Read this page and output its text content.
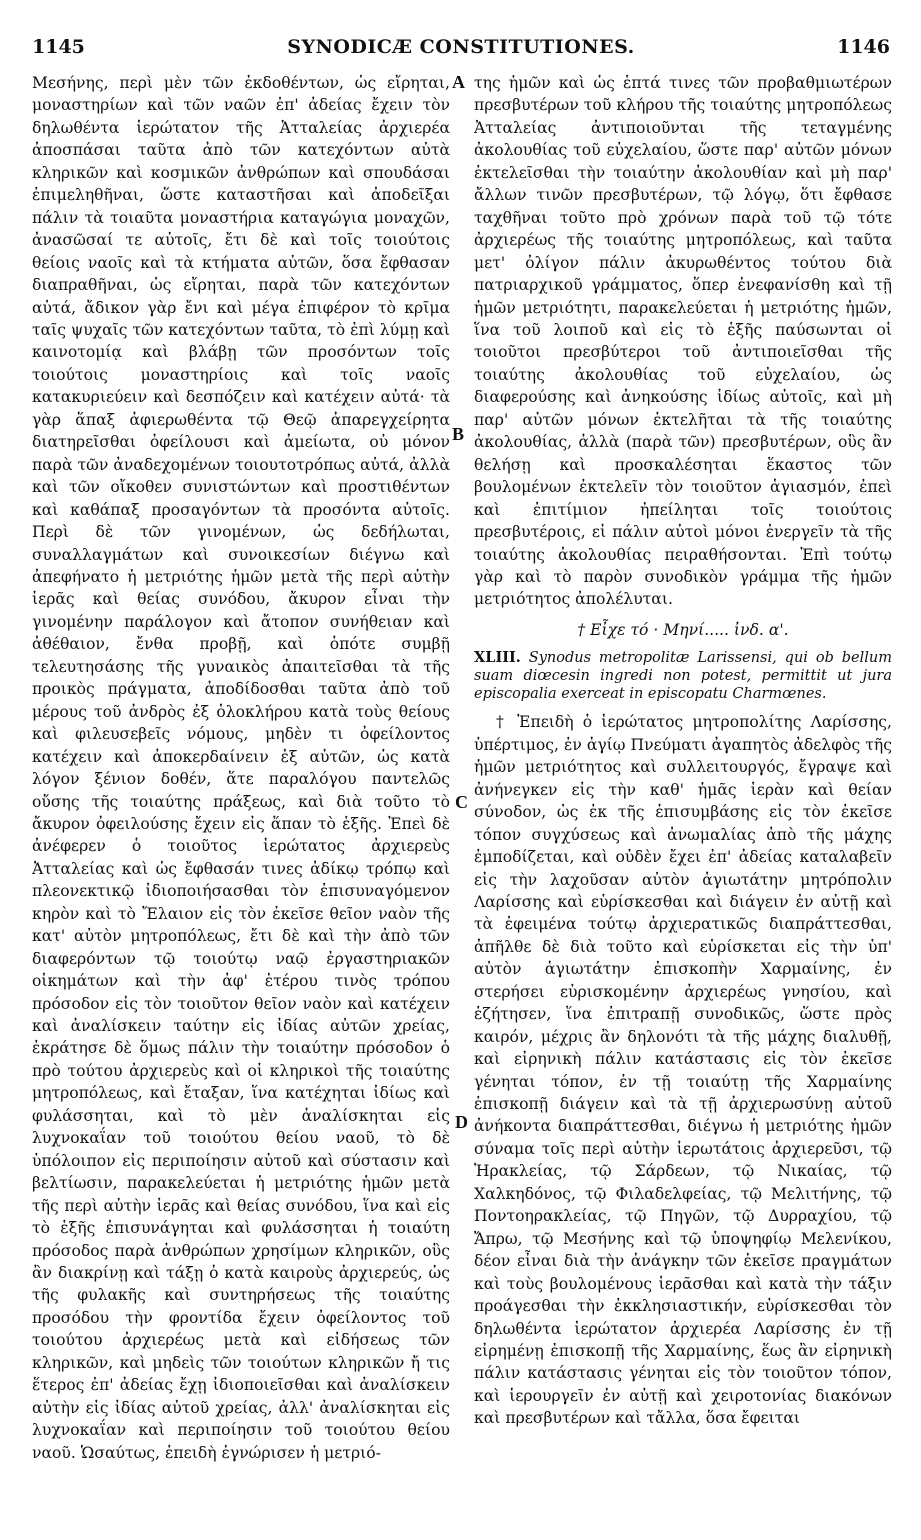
1145	SYNODICÆ CONSTITUTIONES.	1146
A
B
C
D

Μεσήνης, περὶ μὲν τῶν ἐκδοθέντων, ὡς εἴρηται, μοναστηρίων καὶ τῶν ναῶν ἐπ' ἀδείας ἔχειν τὸν δηλωθέντα ἱερώτατον τῆς Ἀτταλείας ἀρχιερέα ἀποσπάσαι ταῦτα ἀπὸ τῶν κατεχόντων αὐτὰ κληρικῶν καὶ κοσμικῶν ἀνθρώπων καὶ σπουδάσαι ἐπιμεληθῆναι, ὥστε καταστῆσαι καὶ ἀποδεῖξαι πάλιν τὰ τοιαῦτα μοναστήρια καταγώγια μοναχῶν, ἀνασῶσαί τε αὐτοῖς, ἔτι δὲ καὶ τοῖς τοιούτοις θείοις ναοῖς καὶ τὰ κτήματα αὐτῶν, ὅσα ἔφθασαν διαπραθῆναι, ὡς εἴρηται, παρὰ τῶν κατεχόντων αὐτά, ἄδικον γὰρ ἔνι καὶ μέγα ἐπιφέρον τὸ κρῖμα ταῖς ψυχαῖς τῶν κατεχόντων ταῦτα, τὸ ἐπὶ λύμῃ καὶ καινοτομίᾳ καὶ βλάβῃ τῶν προσόντων τοῖς τοιούτοις μοναστηρίοις καὶ τοῖς ναοῖς κατακυριεύειν καὶ δεσπόζειν καὶ κατέχειν αὐτά· τὰ γὰρ ἅπαξ ἀφιερωθέντα τῷ Θεῷ ἀπαρεγχείρητα διατηρεῖσθαι ὀφείλουσι καὶ ἀμείωτα, οὐ μόνον παρὰ τῶν ἀναδεχομένων τοιουτοτρόπως αὐτά, ἀλλὰ καὶ τῶν οἴκοθεν συνιστώντων καὶ προστιθέντων καὶ καθάπαξ προσαγόντων τὰ προσόντα αὐτοῖς. Περὶ δὲ τῶν γινομένων, ὡς δεδήλωται, συναλλαγμάτων καὶ συνοικεσίων διέγνω καὶ ἀπεφήνατο ἡ μετριότης ἡμῶν μετὰ τῆς περὶ αὐτὴν ἱερᾶς καὶ θείας συνόδου, ἄκυρον εἶναι τὴν γινομένην παράλογον καὶ ἄτοπον συνήθειαν καὶ ἀθέθαιον, ἔνθα προβῇ, καὶ ὁπότε συμβῇ τελευτησάσης τῆς γυναικὸς ἀπαιτεῖσθαι τὰ τῆς προικὸς πράγματα, ἀποδίδοσθαι ταῦτα ἀπὸ τοῦ μέρους τοῦ ἀνδρὸς ἐξ ὁλοκλήρου κατὰ τοὺς θείους καὶ φιλευσεβεῖς νόμους, μηδὲν τι ὀφείλοντος κατέχειν καὶ ἀποκερδαίνειν ἐξ αὐτῶν, ὡς κατὰ λόγον ξένιον δοθέν, ἅτε παραλόγου παντελῶς οὔσης τῆς τοιαύτης πράξεως, καὶ διὰ τοῦτο τὸ ἄκυρον ὀφειλούσης ἔχειν εἰς ἅπαν τὸ ἑξῆς. Ἐπεὶ δὲ ἀνέφερεν ὁ τοιοῦτος ἱερώτατος ἀρχιερεὺς Ἀτταλείας καὶ ὡς ἔφθασάν τινες ἀδίκῳ τρόπῳ καὶ πλεονεκτικῷ ἰδιοποιήσασθαι τὸν ἐπισυναγόμενον κηρὸν καὶ τὸ Ἔλαιον εἰς τὸν ἐκεῖσε θεῖον ναὸν τῆς κατ' αὐτὸν μητροπόλεως, ἔτι δὲ καὶ τὴν ἀπὸ τῶν διαφερόντων τῷ τοιούτῳ ναῷ ἐργαστηριακῶν οἰκημάτων καὶ τὴν ἀφ' ἑτέρου τινὸς τρόπου πρόσοδον εἰς τὸν τοιοῦτον θεῖον ναὸν καὶ κατέχειν καὶ ἀναλίσκειν ταύτην εἰς ἰδίας αὐτῶν χρείας, ἐκράτησε δὲ ὅμως πάλιν τὴν τοιαύτην πρόσοδον ὁ πρὸ τούτου ἀρχιερεὺς καὶ οἱ κληρικοὶ τῆς τοιαύτης μητροπόλεως, καὶ ἔταξαν, ἵνα κατέχηται ἰδίως καὶ φυλάσσηται, καὶ τὸ μὲν ἀναλίσκηται εἰς λυχνοκαΐαν τοῦ τοιούτου θείου ναοῦ, τὸ δὲ ὑπόλοιπον εἰς περιποίησιν αὐτοῦ καὶ σύστασιν καὶ βελτίωσιν, παρακελεύεται ἡ μετριότης ἡμῶν μετὰ τῆς περὶ αὐτὴν ἱερᾶς καὶ θείας συνόδου, ἵνα καὶ εἰς τὸ ἑξῆς ἐπισυνάγηται καὶ φυλάσσηται ἡ τοιαύτη πρόσοδος παρὰ ἀνθρώπων χρησίμων κληρικῶν, οὓς ἂν διακρίνῃ καὶ τάξῃ ὁ κατὰ καιροὺς ἀρχιερεύς, ὡς τῆς φυλακῆς καὶ συντηρήσεως τῆς τοιαύτης προσόδου τὴν φροντίδα ἔχειν ὀφείλοντος τοῦ τοιούτου ἀρχιερέως μετὰ καὶ εἰδήσεως τῶν κληρικῶν, καὶ μηδεὶς τῶν τοιούτων κληρικῶν ἤ τις ἕτερος ἐπ' ἀδείας ἔχῃ ἰδιοποιεῖσθαι καὶ ἀναλίσκειν αὐτὴν εἰς ἰδίας αὐτοῦ χρείας, ἀλλ' ἀναλίσκηται εἰς λυχνοκαΐαν καὶ περιποίησιν τοῦ τοιούτου θείου ναοῦ. Ὡσαύτως, ἐπειδὴ ἐγνώρισεν ἡ μετριό-

της ἡμῶν καὶ ὡς ἑπτά τινες τῶν προβαθμιωτέρων πρεσβυτέρων τοῦ κλήρου τῆς τοιαύτης μητροπόλεως Ἀτταλείας ἀντιποιοῦνται τῆς τεταγμένης ἀκολουθίας τοῦ εὐχελαίου, ὥστε παρ' αὐτῶν μόνων ἐκτελεῖσθαι τὴν τοιαύτην ἀκολουθίαν καὶ μὴ παρ' ἄλλων τινῶν πρεσβυτέρων, τῷ λόγῳ, ὅτι ἔφθασε ταχθῆναι τοῦτο πρὸ χρόνων παρὰ τοῦ τῷ τότε ἀρχιερέως τῆς τοιαύτης μητροπόλεως, καὶ ταῦτα μετ' ὀλίγον πάλιν ἀκυρωθέντος τούτου διὰ πατριαρχικοῦ γράμματος, ὅπερ ἐνεφανίσθη καὶ τῇ ἡμῶν μετριότητι, παρακελεύεται ἡ μετριότης ἡμῶν, ἵνα τοῦ λοιποῦ καὶ εἰς τὸ ἑξῆς παύσωνται οἱ τοιοῦτοι πρεσβύτεροι τοῦ ἀντιποιεῖσθαι τῆς τοιαύτης ἀκολουθίας τοῦ εὐχελαίου, ὡς διαφερούσης καὶ ἀνηκούσης ἰδίως αὐτοῖς, καὶ μὴ παρ' αὐτῶν μόνων ἐκτελῆται τὰ τῆς τοιαύτης ἀκολουθίας, ἀλλὰ (παρὰ τῶν) πρεσβυτέρων, οὓς ἂν θελήσῃ καὶ προσκαλέσηται ἕκαστος τῶν βουλομένων ἐκτελεῖν τὸν τοιοῦτον ἁγιασμόν, ἐπεὶ καὶ ἐπιτίμιον ἠπείληται τοῖς τοιούτοις πρεσβυτέροις, εἰ πάλιν αὐτοὶ μόνοι ἐνεργεῖν τὰ τῆς τοιαύτης ἀκολουθίας πειραθήσονται. Ἐπὶ τούτῳ γὰρ καὶ τὸ παρὸν συνοδικὸν γράμμα τῆς ἡμῶν μετριότητος ἀπολέλυται.

† Εἶχε τό · Μηνί..... ἰνδ. α'.

XLIII. Synodus metropolitæ Larissensi, qui ob bellum suam diœcesin ingredi non potest, permittit ut jura episcopalia exerceat in episcopatu Charmœnes.

† Ἐπειδὴ ὁ ἱερώτατος μητροπολίτης Λαρίσσης, ὑπέρτιμος, ἐν ἁγίῳ Πνεύματι ἀγαπητὸς ἀδελφὸς τῆς ἡμῶν μετριότητος καὶ συλλειτουργός, ἔγραψε καὶ ἀνήνεγκεν εἰς τὴν καθ' ἡμᾶς ἱερὰν καὶ θείαν σύνοδον, ὡς ἐκ τῆς ἐπισυμβάσης εἰς τὸν ἐκεῖσε τόπον συγχύσεως καὶ ἀνωμαλίας ἀπὸ τῆς μάχης ἐμποδίζεται, καὶ οὐδὲν ἔχει ἐπ' ἀδείας καταλαβεῖν εἰς τὴν λαχοῦσαν αὐτὸν ἁγιωτάτην μητρόπολιν Λαρίσσης καὶ εὑρίσκεσθαι καὶ διάγειν ἐν αὐτῇ καὶ τὰ ἐφειμένα τούτῳ ἀρχιερατικῶς διαπράττεσθαι, ἀπῆλθε δὲ διὰ τοῦτο καὶ εὑρίσκεται εἰς τὴν ὑπ' αὐτὸν ἁγιωτάτην ἐπισκοπὴν Χαρμαίνης, ἐν στερήσει εὑρισκομένην ἀρχιερέως γνησίου, καὶ ἐζήτησεν, ἵνα ἐπιτραπῇ συνοδικῶς, ὥστε πρὸς καιρόν, μέχρις ἂν δηλονότι τὰ τῆς μάχης διαλυθῇ, καὶ εἰρηνικὴ πάλιν κατάστασις εἰς τὸν ἐκεῖσε γένηται τόπον, ἐν τῇ τοιαύτῃ τῆς Χαρμαίνης ἐπισκοπῇ διάγειν καὶ τὰ τῇ ἀρχιερωσύνῃ αὐτοῦ ἀνήκοντα διαπράττεσθαι, διέγνω ἡ μετριότης ἡμῶν σύναμα τοῖς περὶ αὐτὴν ἱερωτάτοις ἀρχιερεῦσι, τῷ Ἡρακλείας, τῷ Σάρδεων, τῷ Νικαίας, τῷ Χαλκηδόνος, τῷ Φιλαδελφείας, τῷ Μελιτήνης, τῷ Ποντοηρακλείας, τῷ Πηγῶν, τῷ Δυρραχίου, τῷ Ἄπρω, τῷ Μεσήνης καὶ τῷ ὑποψηφίῳ Μελενίκου, δέον εἶναι διὰ τὴν ἀνάγκην τῶν ἐκεῖσε πραγμάτων καὶ τοὺς βουλομένους ἱερᾶσθαι καὶ κατὰ τὴν τάξιν προάγεσθαι τὴν ἐκκλησιαστικήν, εὑρίσκεσθαι τὸν δηλωθέντα ἱερώτατον ἀρχιερέα Λαρίσσης ἐν τῇ εἰρημένῃ ἐπισκοπῇ τῆς Χαρμαίνης, ἕως ἂν εἰρηνικὴ πάλιν κατάστασις γένηται εἰς τὸν τοιοῦτον τόπον, καὶ ἱερουργεῖν ἐν αὐτῇ καὶ χειροτονίας διακόνων καὶ πρεσβυτέρων καὶ τἄλλα, ὅσα ἔφειται
